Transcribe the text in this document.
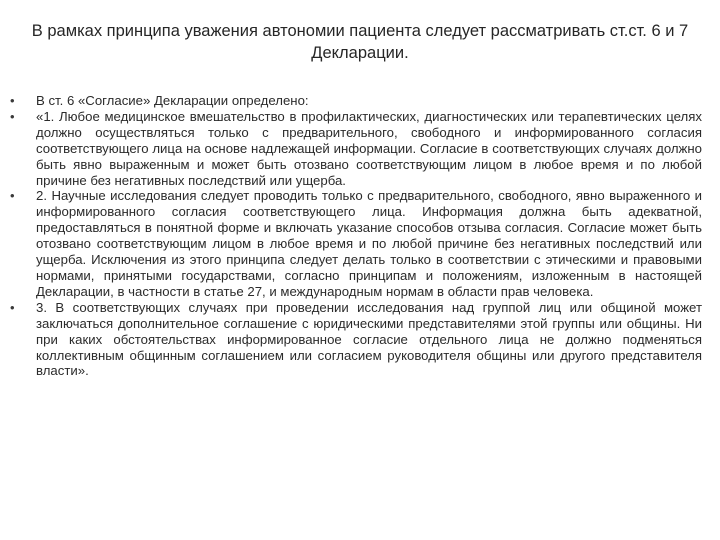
В рамках принципа уважения автономии пациента следует рассматривать ст.ст. 6 и 7 Декларации.
•	В ст. 6 «Согласие» Декларации определено:
•	«1. Любое медицинское вмешательство в профилактических, диагностических или терапевтических целях должно осуществляться только с предварительного, свободного и информированного согласия соответствующего лица на основе надлежащей информации. Согласие в соответствующих случаях должно быть явно выраженным и может быть отозвано соответствующим лицом в любое время и по любой причине без негативных последствий или ущерба.
•	2. Научные исследования следует проводить только с предварительного, свободного, явно выраженного и информированного согласия соответствующего лица. Информация должна быть адекватной, предоставляться в понятной форме и включать указание способов отзыва согласия. Согласие может быть отозвано соответствующим лицом в любое время и по любой причине без негативных последствий или ущерба. Исключения из этого принципа следует делать только в соответствии с этическими и правовыми нормами, принятыми государствами, согласно принципам и положениям, изложенным в настоящей Декларации, в частности в статье 27, и международным нормам в области прав человека.
•	3. В соответствующих случаях при проведении исследования над группой лиц или общиной может заключаться дополнительное соглашение с юридическими представителями этой группы или общины. Ни при каких обстоятельствах информированное согласие отдельного лица не должно подменяться коллективным общинным соглашением или согласием руководителя общины или другого представителя власти».
